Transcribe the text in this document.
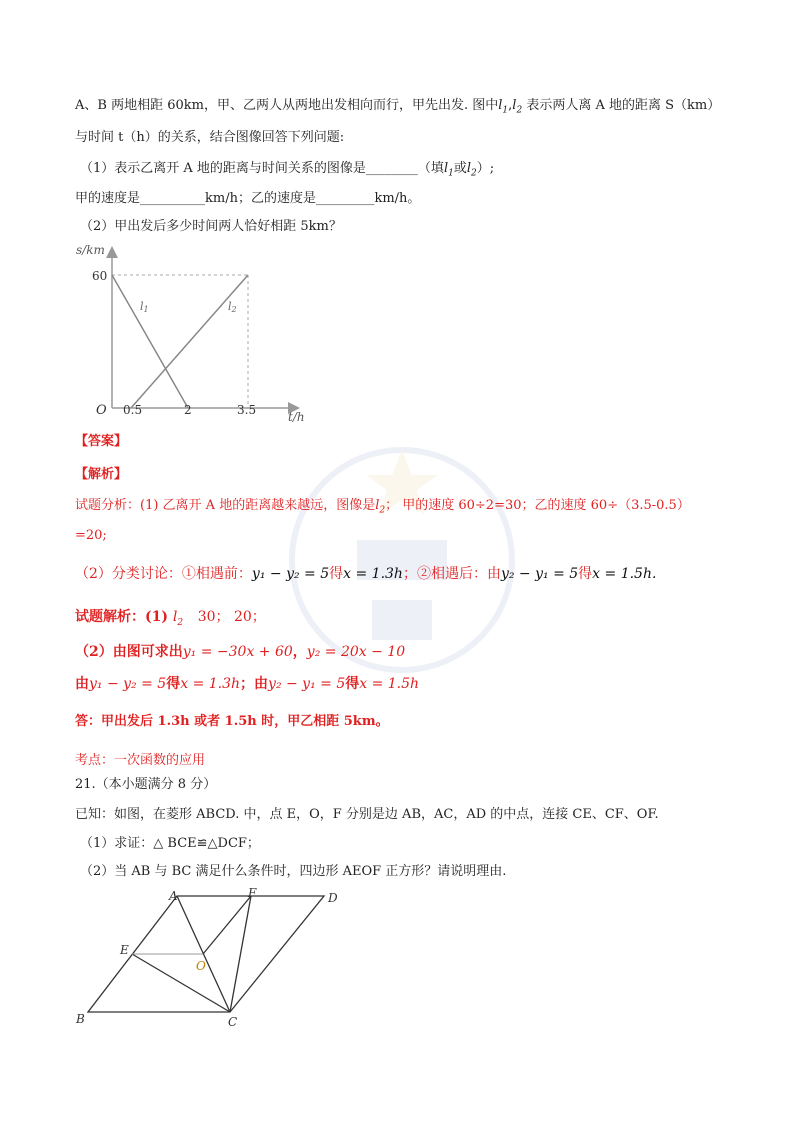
A、B 两地相距 60km，甲、乙两人从两地出发相向而行，甲先出发. 图中$l_1,l_2$ 表示两人离 A 地的距离 S（km）
与时间 t（h）的关系，结合图像回答下列问题:
（1）表示乙离开 A 地的距离与时间关系的图像是________（填$l_1$或$l_2$）;
甲的速度是__________km/h；乙的速度是_________km/h。
（2）甲出发后多少时间两人恰好相距 5km？
s/km
t/h
O
60
0.5	2	3.5
l1	l2
【答案】
【解析】
试题分析：(1) 乙离开 A 地的距离越来越远，图像是$l_2$； 甲的速度 60÷2=30；乙的速度 60÷（3.5-0.5）
=20;
（2）分类讨论：①相遇前：y₁ − y₂ = 5得x = 1.3h；②相遇后：由y₂ − y₁ = 5得x = 1.5h.
试题解析：(1) $l_2$ 30； 20；
（2）由图可求出y₁ = −30x + 60，y₂ = 20x − 10
由y₁ − y₂ = 5得x = 1.3h；由y₂ − y₁ = 5得x = 1.5h
答：甲出发后 1.3h 或者 1.5h 时，甲乙相距 5km。
考点：一次函数的应用
21.（本小题满分 8 分）
已知：如图，在菱形 ABCD. 中，点 E，O，F 分别是边 AB，AC，AD 的中点，连接 CE、CF、OF.
（1）求证：△ BCE≌△DCF；
（2）当 AB 与 BC 满足什么条件时，四边形 AEOF 正方形？请说明理由.
A	F	D
E
O
B	C
